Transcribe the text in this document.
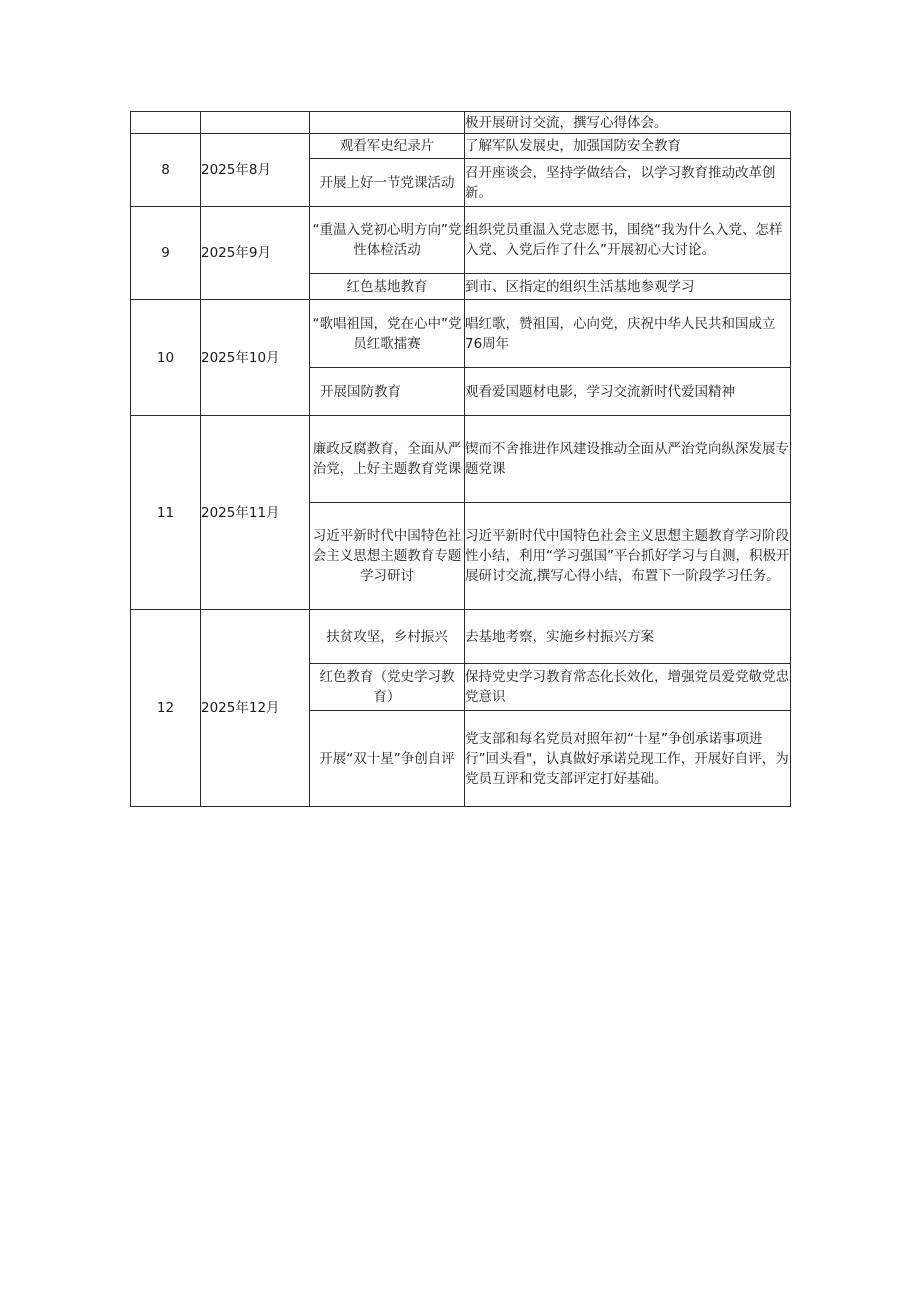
			极开展研讨交流，撰写心得体会。
8	2025年8月	观看军史纪录片	了解军队发展史，加强国防安全教育
		开展上好一节党课活动	召开座谈会，坚持学做结合，以学习教育推动改革创新。
9	2025年9月	“重温入党初心明方向”党性体检活动	组织党员重温入党志愿书，围绕“我为什么入党、怎样入党、入党后作了什么”开展初心大讨论。
		红色基地教育	到市、区指定的组织生活基地参观学习
10	2025年10月	“歌唱祖国，党在心中”党员红歌擂赛	唱红歌，赞祖国，心向党，庆祝中华人民共和国成立76周年
		开展国防教育	观看爱国题材电影，学习交流新时代爱国精神
11	2025年11月	廉政反腐教育，全面从严治党，上好主题教育党课	锲而不舍推进作风建设推动全面从严治党向纵深发展专题党课
		习近平新时代中国特色社会主义思想主题教育专题学习研讨	习近平新时代中国特色社会主义思想主题教育学习阶段性小结，利用“学习强国”平台抓好学习与自测，积极开展研讨交流,撰写心得小结，布置下一阶段学习任务。
12	2025年12月	扶贫攻坚，乡村振兴	去基地考察，实施乡村振兴方案
		红色教育（党史学习教育）	保持党史学习教育常态化长效化，增强党员爱党敬党忠党意识
		开展“双十星”争创自评	党支部和每名党员对照年初“十星”争创承诺事项进行”回头看"，认真做好承诺兑现工作，开展好自评，为党员互评和党支部评定打好基础。
